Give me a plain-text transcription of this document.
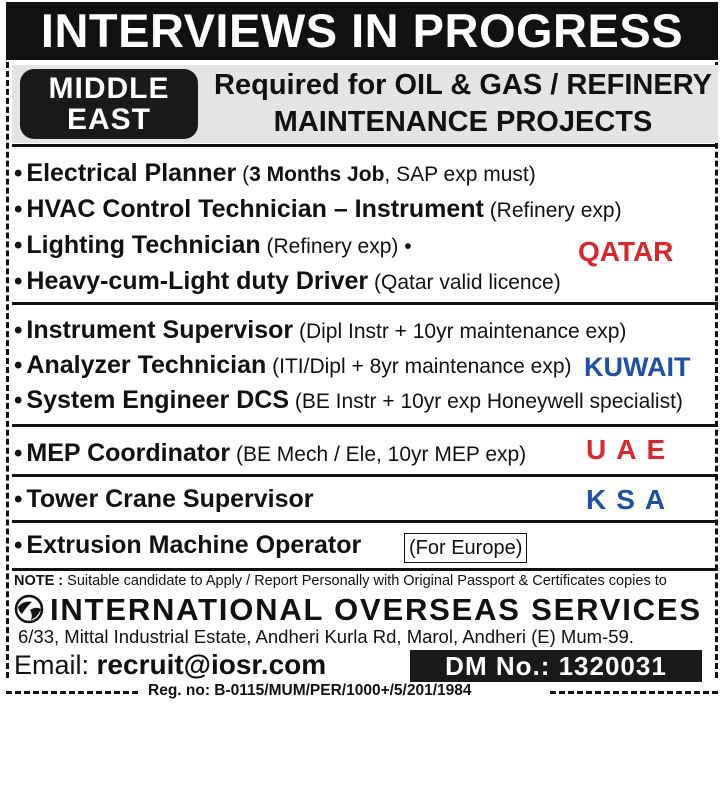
INTERVIEWS IN PROGRESS
MIDDLE
EAST
Required for OIL & GAS / REFINERY
MAINTENANCE PROJECTS
• Electrical Planner (3 Months Job, SAP exp must)
• HVAC Control Technician – Instrument (Refinery exp)
• Lighting Technician (Refinery exp) •
• Heavy-cum-Light duty Driver (Qatar valid licence)
QATAR
• Instrument Supervisor (Dipl Instr + 10yr maintenance exp)
• Analyzer Technician (ITI/Dipl + 8yr maintenance exp)
• System Engineer DCS (BE Instr + 10yr exp Honeywell specialist)
KUWAIT
• MEP Coordinator (BE Mech / Ele, 10yr MEP exp) UAE
• Tower Crane Supervisor	KSA
• Extrusion Machine Operator (For Europe)
NOTE : Suitable candidate to Apply / Report Personally with Original Passport & Certificates copies to
INTERNATIONAL OVERSEAS SERVICES
6/33, Mittal Industrial Estate, Andheri Kurla Rd, Marol, Andheri (E) Mum-59.
Email: recruit@iosr.com	DM No.: 1320031
Reg. no: B-0115/MUM/PER/1000+/5/201/1984
